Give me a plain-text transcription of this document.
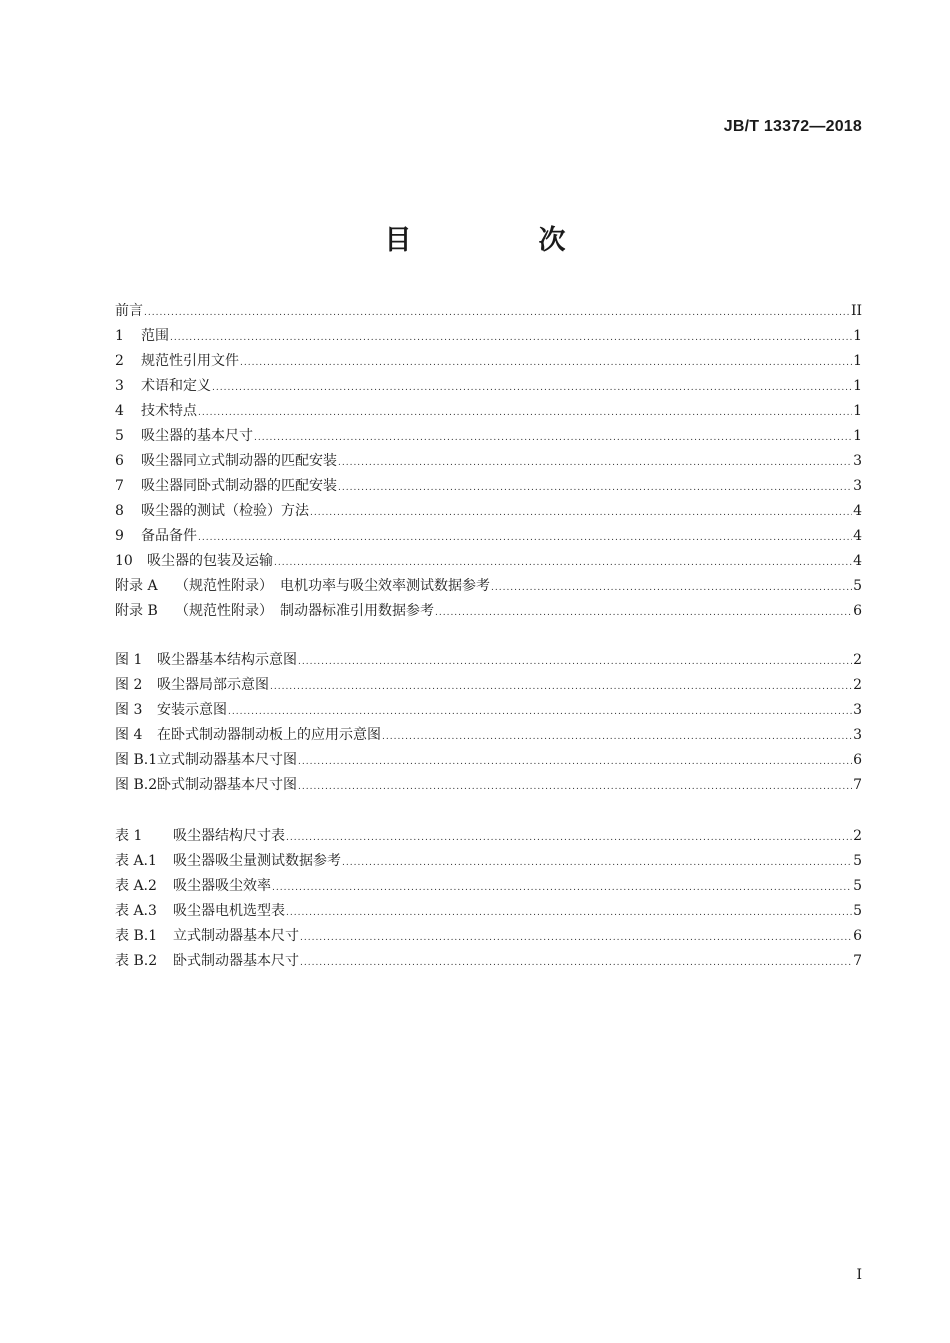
JB/T 13372—2018
目　次
前言 .....	II
1	范围 .....	1
2	规范性引用文件 .....	1
3	术语和定义 .....	1
4	技术特点 .....	1
5	吸尘器的基本尺寸 .....	1
6	吸尘器同立式制动器的匹配安装 .....	3
7	吸尘器同卧式制动器的匹配安装 .....	3
8	吸尘器的测试（检验）方法 .....	4
9	备品备件 .....	4
10	吸尘器的包装及运输 .....	4
附录 A	（规范性附录）　电机功率与吸尘效率测试数据参考 .....	5
附录 B	（规范性附录）　制动器标准引用数据参考 .....	6
图 1	吸尘器基本结构示意图 .....	2
图 2	吸尘器局部示意图 .....	2
图 3	安装示意图 .....	3
图 4	在卧式制动器制动板上的应用示意图 .....	3
图 B.1 立式制动器基本尺寸图 .....	6
图 B.2 卧式制动器基本尺寸图 .....	7
表 1	吸尘器结构尺寸表 .....	2
表 A.1	吸尘器吸尘量测试数据参考 .....	5
表 A.2	吸尘器吸尘效率 .....	5
表 A.3	吸尘器电机选型表 .....	5
表 B.1	立式制动器基本尺寸 .....	6
表 B.2	卧式制动器基本尺寸 .....	7
I
